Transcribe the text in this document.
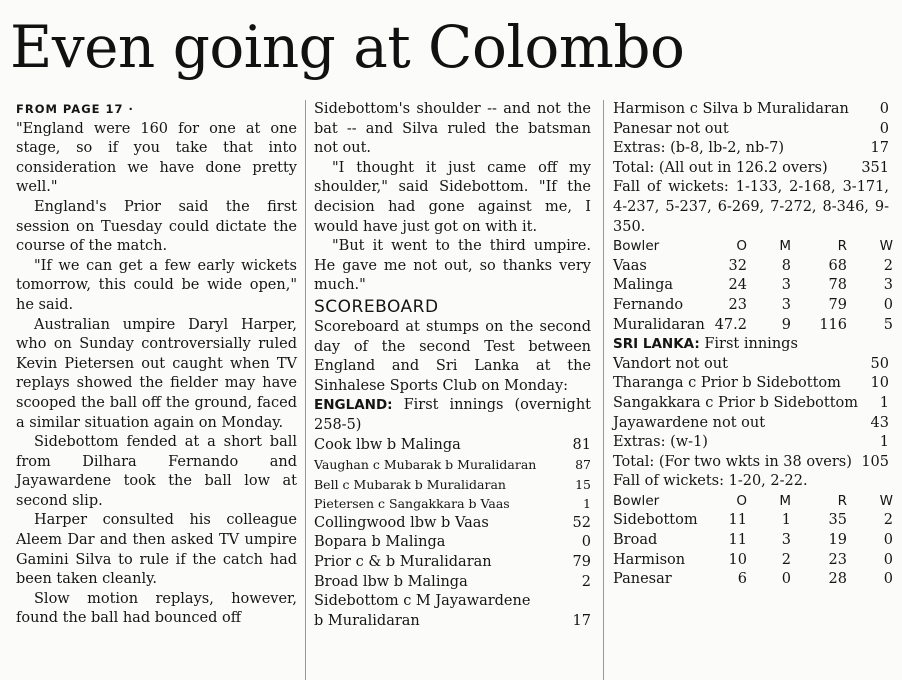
Even going at Colombo
FROM PAGE 17 ·

"England were 160 for one at one stage, so if you take that into consideration we have done pretty well."

England's Prior said the first session on Tuesday could dictate the course of the match.

"If we can get a few early wickets tomorrow, this could be wide open," he said.

Australian umpire Daryl Harper, who on Sunday controversially ruled Kevin Pietersen out caught when TV replays showed the fielder may have scooped the ball off the ground, faced a similar situation again on Monday.

Sidebottom fended at a short ball from Dilhara Fernando and Jayawardene took the ball low at second slip.

Harper consulted his colleague Aleem Dar and then asked TV umpire Gamini Silva to rule if the catch had been taken cleanly.

Slow motion replays, however, found the ball had bounced off

Sidebottom's shoulder -- and not the bat -- and Silva ruled the batsman not out.

"I thought it just came off my shoulder," said Sidebottom. "If the decision had gone against me, I would have just got on with it.

"But it went to the third umpire. He gave me not out, so thanks very much."

SCOREBOARD

Scoreboard at stumps on the second day of the second Test between England and Sri Lanka at the Sinhalese Sports Club on Monday:

ENGLAND: First innings (overnight 258-5)

Cook lbw b Malinga	81
Vaughan c Mubarak b Muralidaran	87
Bell c Mubarak b Muralidaran	15
Pietersen c Sangakkara b Vaas	1
Collingwood lbw b Vaas	52
Bopara b Malinga	0
Prior c & b Muralidaran	79
Broad lbw b Malinga	2
Sidebottom c M Jayawardene
b Muralidaran	17
Harmison c Silva b Muralidaran 0
Panesar not out	0
Extras: (b-8, lb-2, nb-7)	17
Total: (All out in 126.2 overs) 351

Fall of wickets: 1-133, 2-168, 3-171, 4-237, 5-237, 6-269, 7-272, 8-346, 9-350.

Bowler	O	M	R	W
Vaas	32	8	68	2
Malinga	24	3	78	3
Fernando	23	3	79	0
Muralidaran 47.2	9	116	5

SRI LANKA: First innings

Vandort not out	50
Tharanga c Prior b Sidebottom 10
Sangakkara c Prior b Sidebottom 1
Jayawardene not out	43
Extras: (w-1)	1
Total: (For two wkts in 38 overs) 105

Fall of wickets: 1-20, 2-22.

Bowler	O	M	R	W
Sidebottom	11	1	35	2
Broad	11	3	19	0
Harmison	10	2	23	0
Panesar	6	0	28	0
